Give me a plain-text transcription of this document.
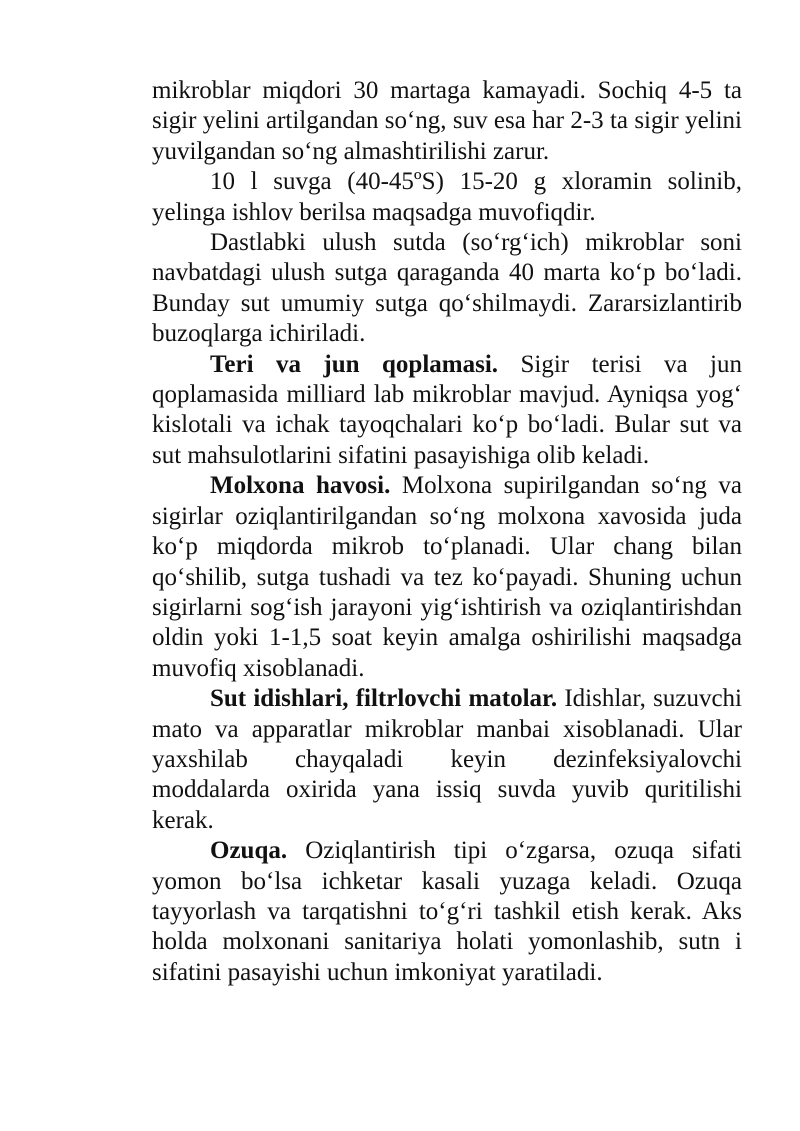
mikroblar miqdori 30 martaga kamayadi. Sochiq 4-5 ta sigir yelini artilgandan so‘ng, suv esa har 2-3 ta sigir yelini yuvilgandan so‘ng almashtirilishi zarur.

10 l suvga (40-45ºS) 15-20 g xloramin solinib, yelinga ishlov berilsa maqsadga muvofiqdir.

Dastlabki ulush sutda (so‘rg‘ich) mikroblar soni navbatdagi ulush sutga qaraganda 40 marta ko‘p bo‘ladi. Bunday sut umumiy sutga qo‘shilmaydi. Zararsizlantirib buzoqlarga ichiriladi.

Teri va jun qoplamasi. Sigir terisi va jun qoplamasida milliard lab mikroblar mavjud. Ayniqsa yog‘ kislotali va ichak tayoqchalari ko‘p bo‘ladi. Bular sut va sut mahsulotlarini sifatini pasayishiga olib keladi.

Molxona havosi. Molxona supirilgandan so‘ng va sigirlar oziqlantirilgandan so‘ng molxona xavosida juda ko‘p miqdorda mikrob to‘planadi. Ular chang bilan qo‘shilib, sutga tushadi va tez ko‘payadi. Shuning uchun sigirlarni sog‘ish jarayoni yig‘ishtirish va oziqlantirishdan oldin yoki 1-1,5 soat keyin amalga oshirilishi maqsadga muvofiq xisoblanadi.

Sut idishlari, filtrlovchi matolar. Idishlar, suzuvchi mato va apparatlar mikroblar manbai xisoblanadi. Ular yaxshilab chayqaladi keyin dezinfeksiyalovchi moddalarda oxirida yana issiq suvda yuvib quritilishi kerak.

Ozuqa. Oziqlantirish tipi o‘zgarsa, ozuqa sifati yomon bo‘lsa ichketar kasali yuzaga keladi. Ozuqa tayyorlash va tarqatishni to‘g‘ri tashkil etish kerak. Aks holda molxonani sanitariya holati yomonlashib, sutn i sifatini pasayishi uchun imkoniyat yaratiladi.
